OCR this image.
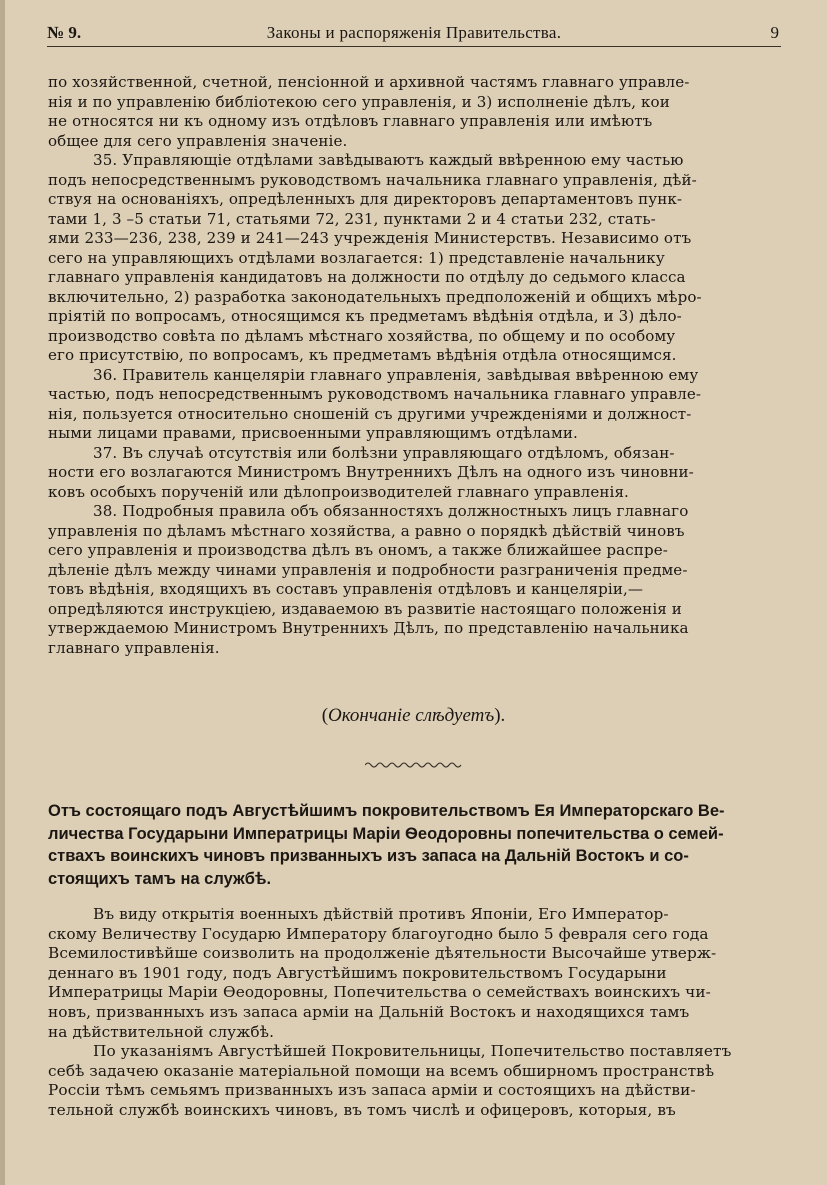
№ 9.	Законы и распоряженія Правительства.	9

по хозяйственной, счетной, пенсіонной и архивной частямъ главнаго управле-
нія и по управленію библіотекою сего управленія, и 3) исполненіе дѣлъ, кои
не относятся ни къ одному изъ отдѣловъ главнаго управленія или имѣютъ
общее для сего управленія значеніе.

35. Управляющіе отдѣлами завѣдываютъ каждый ввѣренною ему частью
подъ непосредственнымъ руководствомъ начальника главнаго управленія, дѣй-
ствуя на основаніяхъ, опредѣленныхъ для директоровъ департаментовъ пунк-
тами 1, 3 –5 статьи 71, статьями 72, 231, пунктами 2 и 4 статьи 232, стать-
ями 233—236, 238, 239 и 241—243 учрежденія Министерствъ. Независимо отъ
сего на управляющихъ отдѣлами возлагается: 1) представленіе начальнику
главнаго управленія кандидатовъ на должности по отдѣлу до седьмого класса
включительно, 2) разработка законодательныхъ предположеній и общихъ мѣро-
пріятій по вопросамъ, относящимся къ предметамъ вѣдѣнія отдѣла, и 3) дѣло-
производство совѣта по дѣламъ мѣстнаго хозяйства, по общему и по особому
его присутствію, по вопросамъ, къ предметамъ вѣдѣнія отдѣла относящимся.

36. Правитель канцеляріи главнаго управленія, завѣдывая ввѣренною ему
частью, подъ непосредственнымъ руководствомъ начальника главнаго управле-
нія, пользуется относительно сношеній съ другими учрежденіями и должност-
ными лицами правами, присвоенными управляющимъ отдѣлами.

37. Въ случаѣ отсутствія или болѣзни управляющаго отдѣломъ, обязан-
ности его возлагаются Министромъ Внутреннихъ Дѣлъ на одного изъ чиновни-
ковъ особыхъ порученій или дѣлопроизводителей главнаго управленія.

38. Подробныя правила объ обязанностяхъ должностныхъ лицъ главнаго
управленія по дѣламъ мѣстнаго хозяйства, а равно о порядкѣ дѣйствій чиновъ
сего управленія и производства дѣлъ въ ономъ, а также ближайшее распре-
дѣленіе дѣлъ между чинами управленія и подробности разграниченія предме-
товъ вѣдѣнія, входящихъ въ составъ управленія отдѣловъ и канцеляріи,—
опредѣляются инструкціею, издаваемою въ развитіе настоящаго положенія и
утверждаемою Министромъ Внутреннихъ Дѣлъ, по представленію начальника
главнаго управленія.

(Окончаніе слѣдуетъ).

Отъ состоящаго подъ Августѣйшимъ покровительствомъ Ея Императорскаго Ве-
личества Государыни Императрицы Маріи Ѳеодоровны попечительства о семей-
ствахъ воинскихъ чиновъ призванныхъ изъ запаса на Дальній Востокъ и со-
стоящихъ тамъ на службѣ.

Въ виду открытія военныхъ дѣйствій противъ Японіи, Его Император-
скому Величеству Государю Императору благоугодно было 5 февраля сего года
Всемилостивѣйше соизволить на продолженіе дѣятельности Высочайше утверж-
деннаго въ 1901 году, подъ Августѣйшимъ покровительствомъ Государыни
Императрицы Маріи Ѳеодоровны, Попечительства о семействахъ воинскихъ чи-
новъ, призванныхъ изъ запаса арміи на Дальній Востокъ и находящихся тамъ
на дѣйствительной службѣ.

По указаніямъ Августѣйшей Покровительницы, Попечительство поставляетъ
себѣ задачею оказаніе матеріальной помощи на всемъ обширномъ пространствѣ
Россіи тѣмъ семьямъ призванныхъ изъ запаса арміи и состоящихъ на дѣйстви-
тельной службѣ воинскихъ чиновъ, въ томъ числѣ и офицеровъ, которыя, въ
